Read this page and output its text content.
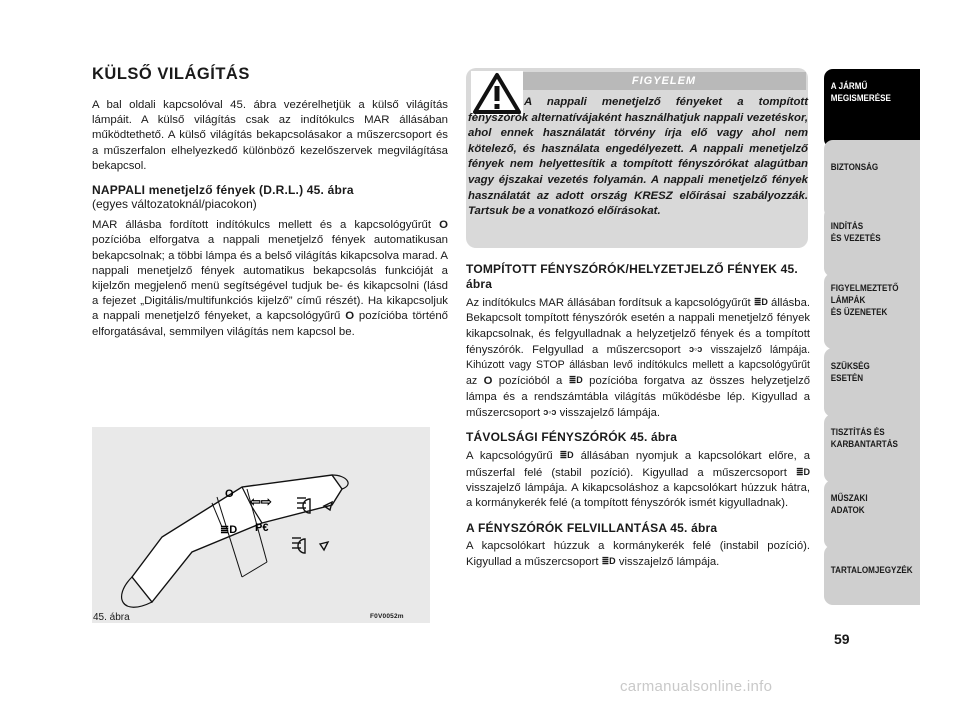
KÜLSŐ VILÁGÍTÁS

A bal oldali kapcsolóval 45. ábra vezérelhetjük a külső világítás lámpáit. A külső világítás csak az indítókulcs MAR állásában működtethető. A külső világítás bekapcsolásakor a műszercsoport és a műszerfalon elhelyezkedő különböző kezelőszervek megvilágítása bekapcsol.

NAPPALI menetjelző fények (D.R.L.) 45. ábra

(egyes változatoknál/piacokon)

MAR állásba fordított indítókulcs mellett és a kapcsológyűrűt O pozícióba elforgatva a nappali menetjelző fények automatikusan bekapcsolnak; a többi lámpa és a belső világítás kikapcsolva marad. A nappali menetjelző fények automatikus bekapcsolás funkcióját a kijelzőn megjelenő menü segítségével tudjuk be- és kikapcsolni (lásd a fejezet „Digitális/multifunkciós kijelző” című részét). Ha kikapcsoljuk a nappali menetjelző fényeket, a kapcsológyűrű O pozícióba történő elforgatásával, semmilyen világítás nem kapcsol be.

O ⇦⇨
P€
≣D
45. ábra	F0V0052m
FIGYELEM

A nappali menetjelző fényeket a tompított fényszórók alternatívájaként használhatjuk nappali vezetéskor, ahol ennek használatát törvény írja elő vagy ahol nem kötelező, és használata engedélyezett. A nappali menetjelző fények nem helyettesítik a tompított fényszórókat alagútban vagy éjszakai vezetés folyamán. A nappali menetjelző fények használatát az adott ország KRESZ előírásai szabályozzák. Tartsuk be a vonatkozó előírásokat.

TOMPÍTOTT FÉNYSZÓRÓK/HELYZETJELZŐ FÉNYEK 45. ábra

Az indítókulcs MAR állásában fordítsuk a kapcsológyűrűt ≣D állásba. Bekapcsolt tompított fényszórók esetén a nappali menetjelző fények kikapcsolnak, és felgyulladnak a helyzetjelző fények és a tompított fényszórók. Felgyullad a műszercsoport ↄ◦ↄ visszajelző lámpája. Kihúzott vagy STOP állásban levő indítókulcs mellett a kapcsológyűrűt az O pozícióból a ≣D pozícióba forgatva az összes helyzetjelző lámpa és a rendszámtábla világítás működésbe lép. Kigyullad a műszercsoport ↄ◦ↄ visszajelző lámpája.

TÁVOLSÁGI FÉNYSZÓRÓK 45. ábra

A kapcsológyűrű ≣D állásában nyomjuk a kapcsolókart előre, a műszerfal felé (stabil pozíció). Kigyullad a műszercsoport ≣D visszajelző lámpája. A kikapcsoláshoz a kapcsolókart húzzuk hátra, a kormánykerék felé (a tompított fényszórók ismét kigyulladnak).

A FÉNYSZÓRÓK FELVILLANTÁSA 45. ábra

A kapcsolókart húzzuk a kormánykerék felé (instabil pozíció). Kigyullad a műszercsoport ≣D visszajelző lámpája.

A JÁRMŰ
MEGISMERÉSE
BIZTONSÁG
INDÍTÁS
ÉS VEZETÉS
FIGYELMEZTETŐ
LÁMPÁK
ÉS ÜZENETEK
SZÜKSÉG
ESETÉN
TISZTÍTÁS ÉS
KARBANTARTÁS
MŰSZAKI
ADATOK
TARTALOMJEGYZÉK
59
carmanualsonline.info
